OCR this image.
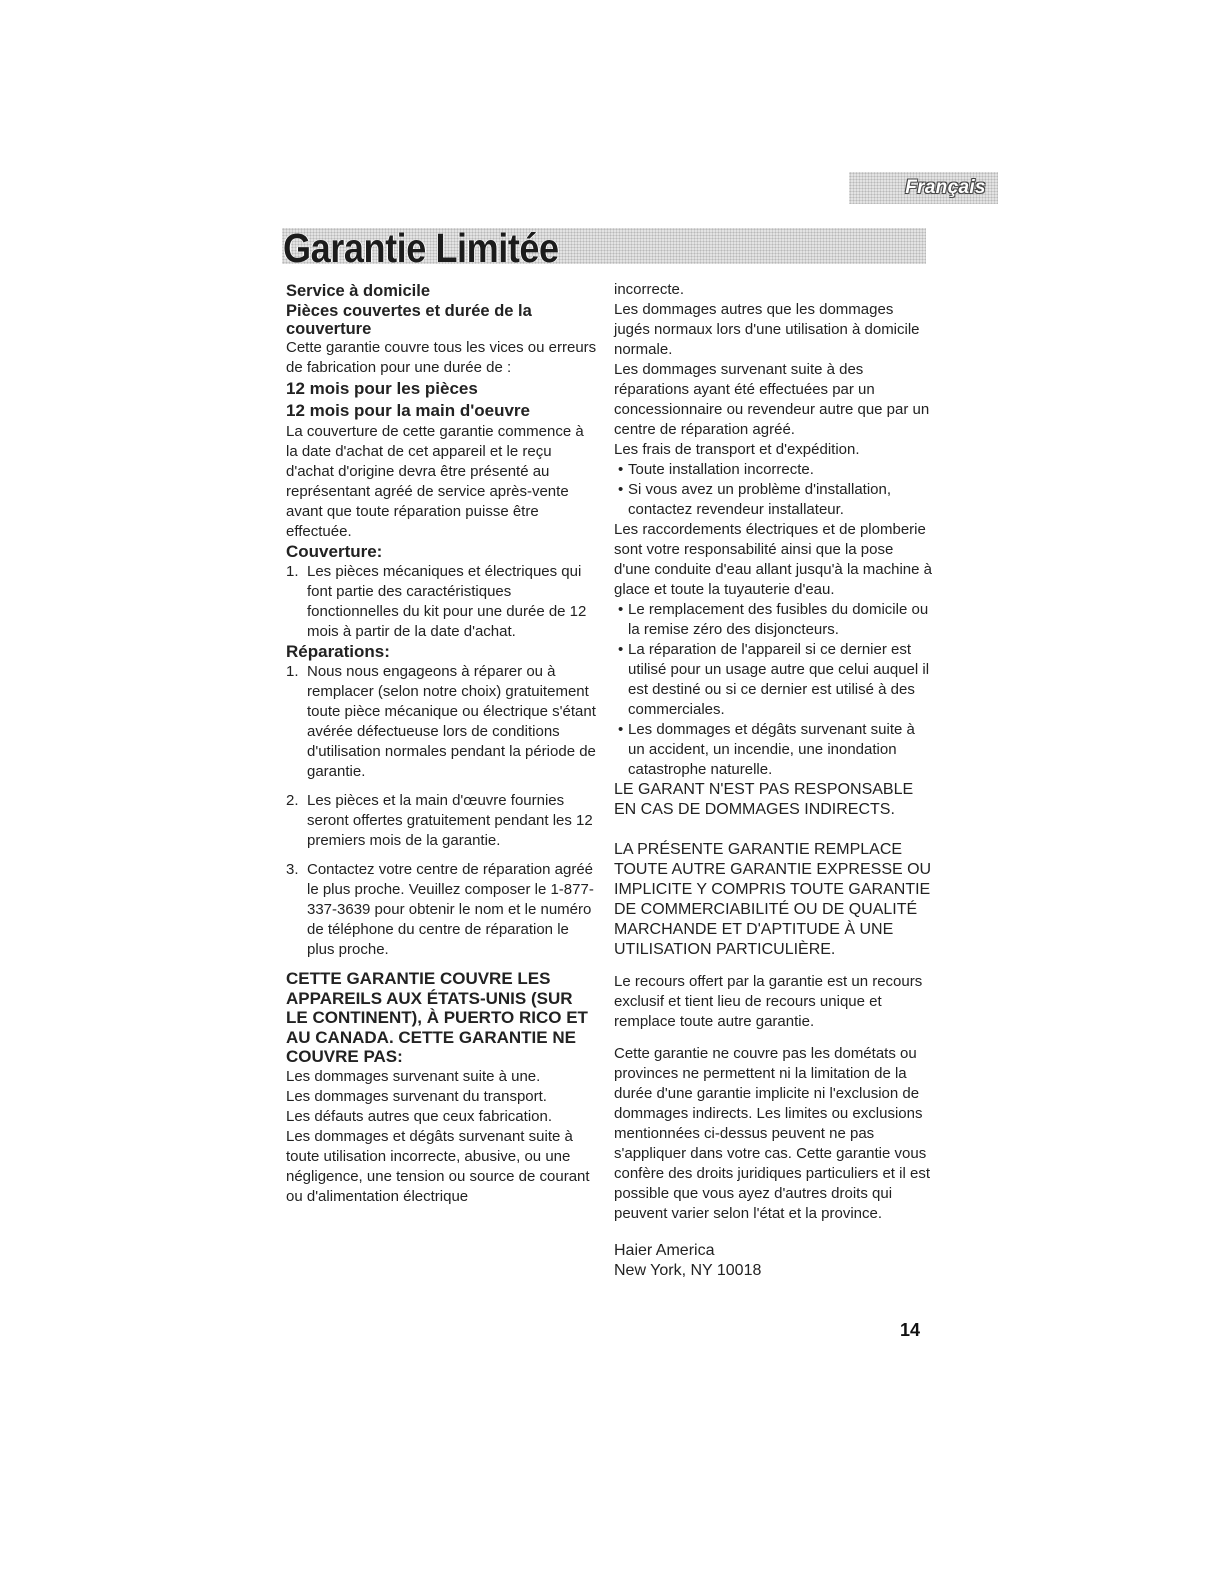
Français
Garantie Limitée

Service à domicile

Pièces couvertes et durée de la couverture

Cette garantie couvre tous les vices ou erreurs de fabrication pour une durée de :

12 mois pour les pièces

12 mois pour la main d'oeuvre

La couverture de cette garantie commence à la date d'achat de cet appareil et le reçu d'achat d'origine devra être présenté au représentant agréé de service après-vente avant que toute réparation puisse être effectuée.

Couverture:

1. Les pièces mécaniques et électriques qui font partie des caractéristiques fonctionnelles du kit pour une durée de 12 mois à partir de la date d'achat.

Réparations:

1. Nous nous engageons à réparer ou à remplacer (selon notre choix) gratuitement toute pièce mécanique ou électrique s'étant avérée défectueuse lors de conditions d'utilisation normales pendant la période de garantie.
2. Les pièces et la main d'œuvre fournies seront offertes gratuitement pendant les 12 premiers mois de la garantie.
3. Contactez votre centre de réparation agréé le plus proche. Veuillez composer le 1-877-337-3639 pour obtenir le nom et le numéro de téléphone du centre de réparation le plus proche.

CETTE GARANTIE COUVRE LES APPAREILS AUX ÉTATS-UNIS (SUR LE CONTINENT), À PUERTO RICO ET AU CANADA. CETTE GARANTIE NE COUVRE PAS:

Les dommages survenant suite à une.

Les dommages survenant du transport.

Les défauts autres que ceux fabrication.

Les dommages et dégâts survenant suite à toute utilisation incorrecte, abusive, ou une négligence, une tension ou source de courant ou d'alimentation électrique

incorrecte.

Les dommages autres que les dommages jugés normaux lors d'une utilisation à domicile normale.

Les dommages survenant suite à des réparations ayant été effectuées par un concessionnaire ou revendeur autre que par un centre de réparation agréé.

Les frais de transport et d'expédition.

• Toute installation incorrecte.

• Si vous avez un problème d'installation, contactez revendeur installateur.

Les raccordements électriques et de plomberie sont votre responsabilité ainsi que la pose d'une conduite d'eau allant jusqu'à la machine à glace et toute la tuyauterie d'eau.

• Le remplacement des fusibles du domicile ou la remise zéro des disjoncteurs.

• La réparation de l'appareil si ce dernier est utilisé pour un usage autre que celui auquel il est destiné ou si ce dernier est utilisé à des commerciales.

• Les dommages et dégâts survenant suite à un accident, un incendie, une inondation catastrophe naturelle.

LE GARANT N'EST PAS RESPONSABLE EN CAS DE DOMMAGES INDIRECTS.

LA PRÉSENTE GARANTIE REMPLACE TOUTE AUTRE GARANTIE EXPRESSE OU IMPLICITE Y COMPRIS TOUTE GARANTIE DE COMMERCIABILITÉ OU DE QUALITÉ MARCHANDE ET D'APTITUDE À UNE UTILISATION PARTICULIÈRE.

Le recours offert par la garantie est un recours exclusif et tient lieu de recours unique et remplace toute autre garantie.

Cette garantie ne couvre pas les dométats ou provinces ne permettent ni la limitation de la durée d'une garantie implicite ni l'exclusion de dommages indirects. Les limites ou exclusions mentionnées ci-dessus peuvent ne pas s'appliquer dans votre cas. Cette garantie vous confère des droits juridiques particuliers et il est possible que vous ayez d'autres droits qui peuvent varier selon l'état et la province.

Haier America

New York, NY 10018

14
